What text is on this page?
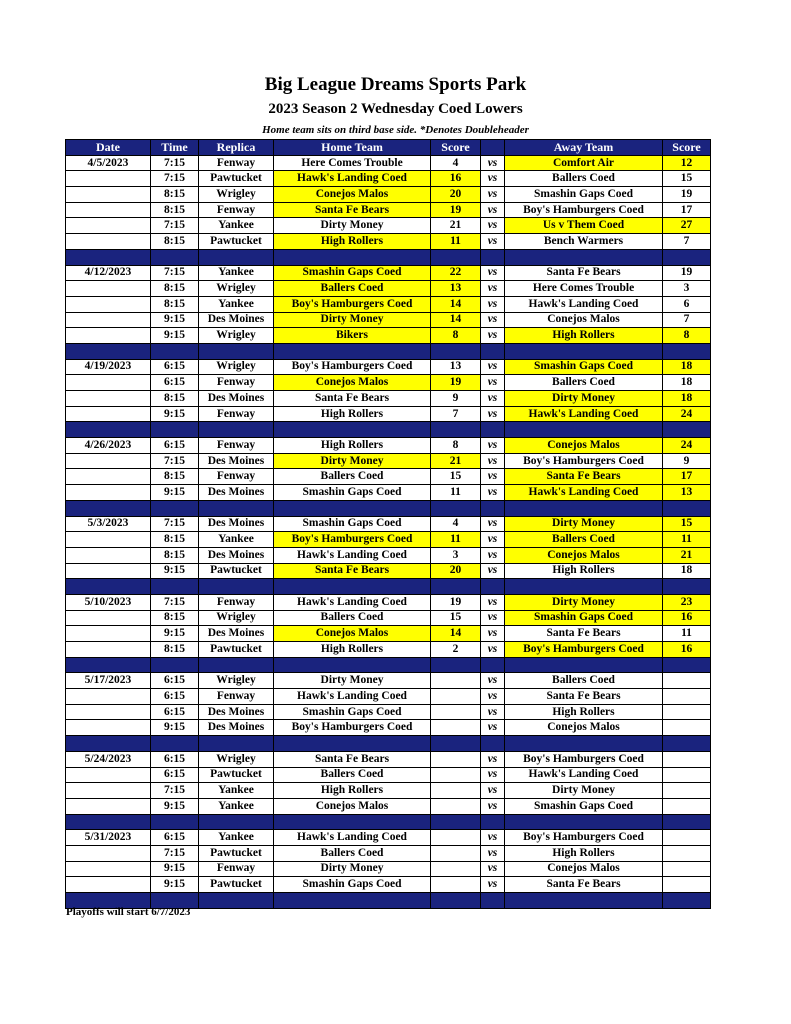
Big League Dreams Sports Park
2023 Season 2 Wednesday Coed Lowers
Home team sits on third base side. *Denotes Doubleheader
Date	Time	Replica	Home Team	Score		Away Team	Score
4/5/2023	7:15	Fenway	Here Comes Trouble	4	vs	Comfort Air	12
	7:15	Pawtucket	Hawk's Landing Coed	16	vs	Ballers Coed	15
	8:15	Wrigley	Conejos Malos	20	vs	Smashin Gaps Coed	19
	8:15	Fenway	Santa Fe Bears	19	vs	Boy's Hamburgers Coed	17
	7:15	Yankee	Dirty Money	21	vs	Us v Them Coed	27
	8:15	Pawtucket	High Rollers	11	vs	Bench Warmers	7

4/12/2023	7:15	Yankee	Smashin Gaps Coed	22	vs	Santa Fe Bears	19
	8:15	Wrigley	Ballers Coed	13	vs	Here Comes Trouble	3
	8:15	Yankee	Boy's Hamburgers Coed	14	vs	Hawk's Landing Coed	6
	9:15	Des Moines	Dirty Money	14	vs	Conejos Malos	7
	9:15	Wrigley	Bikers	8	vs	High Rollers	8

4/19/2023	6:15	Wrigley	Boy's Hamburgers Coed	13	vs	Smashin Gaps Coed	18
	6:15	Fenway	Conejos Malos	19	vs	Ballers Coed	18
	8:15	Des Moines	Santa Fe Bears	9	vs	Dirty Money	18
	9:15	Fenway	High Rollers	7	vs	Hawk's Landing Coed	24

4/26/2023	6:15	Fenway	High Rollers	8	vs	Conejos Malos	24
	7:15	Des Moines	Dirty Money	21	vs	Boy's Hamburgers Coed	9
	8:15	Fenway	Ballers Coed	15	vs	Santa Fe Bears	17
	9:15	Des Moines	Smashin Gaps Coed	11	vs	Hawk's Landing Coed	13

5/3/2023	7:15	Des Moines	Smashin Gaps Coed	4	vs	Dirty Money	15
	8:15	Yankee	Boy's Hamburgers Coed	11	vs	Ballers Coed	11
	8:15	Des Moines	Hawk's Landing Coed	3	vs	Conejos Malos	21
	9:15	Pawtucket	Santa Fe Bears	20	vs	High Rollers	18

5/10/2023	7:15	Fenway	Hawk's Landing Coed	19	vs	Dirty Money	23
	8:15	Wrigley	Ballers Coed	15	vs	Smashin Gaps Coed	16
	9:15	Des Moines	Conejos Malos	14	vs	Santa Fe Bears	11
	8:15	Pawtucket	High Rollers	2	vs	Boy's Hamburgers Coed	16

5/17/2023	6:15	Wrigley	Dirty Money		vs	Ballers Coed	
	6:15	Fenway	Hawk's Landing Coed		vs	Santa Fe Bears	
	6:15	Des Moines	Smashin Gaps Coed		vs	High Rollers	
	9:15	Des Moines	Boy's Hamburgers Coed		vs	Conejos Malos	

5/24/2023	6:15	Wrigley	Santa Fe Bears		vs	Boy's Hamburgers Coed	
	6:15	Pawtucket	Ballers Coed		vs	Hawk's Landing Coed	
	7:15	Yankee	High Rollers		vs	Dirty Money	
	9:15	Yankee	Conejos Malos		vs	Smashin Gaps Coed	

5/31/2023	6:15	Yankee	Hawk's Landing Coed		vs	Boy's Hamburgers Coed	
	7:15	Pawtucket	Ballers Coed		vs	High Rollers	
	9:15	Fenway	Dirty Money		vs	Conejos Malos	
	9:15	Pawtucket	Smashin Gaps Coed		vs	Santa Fe Bears	

Playoffs will start 6/7/2023
